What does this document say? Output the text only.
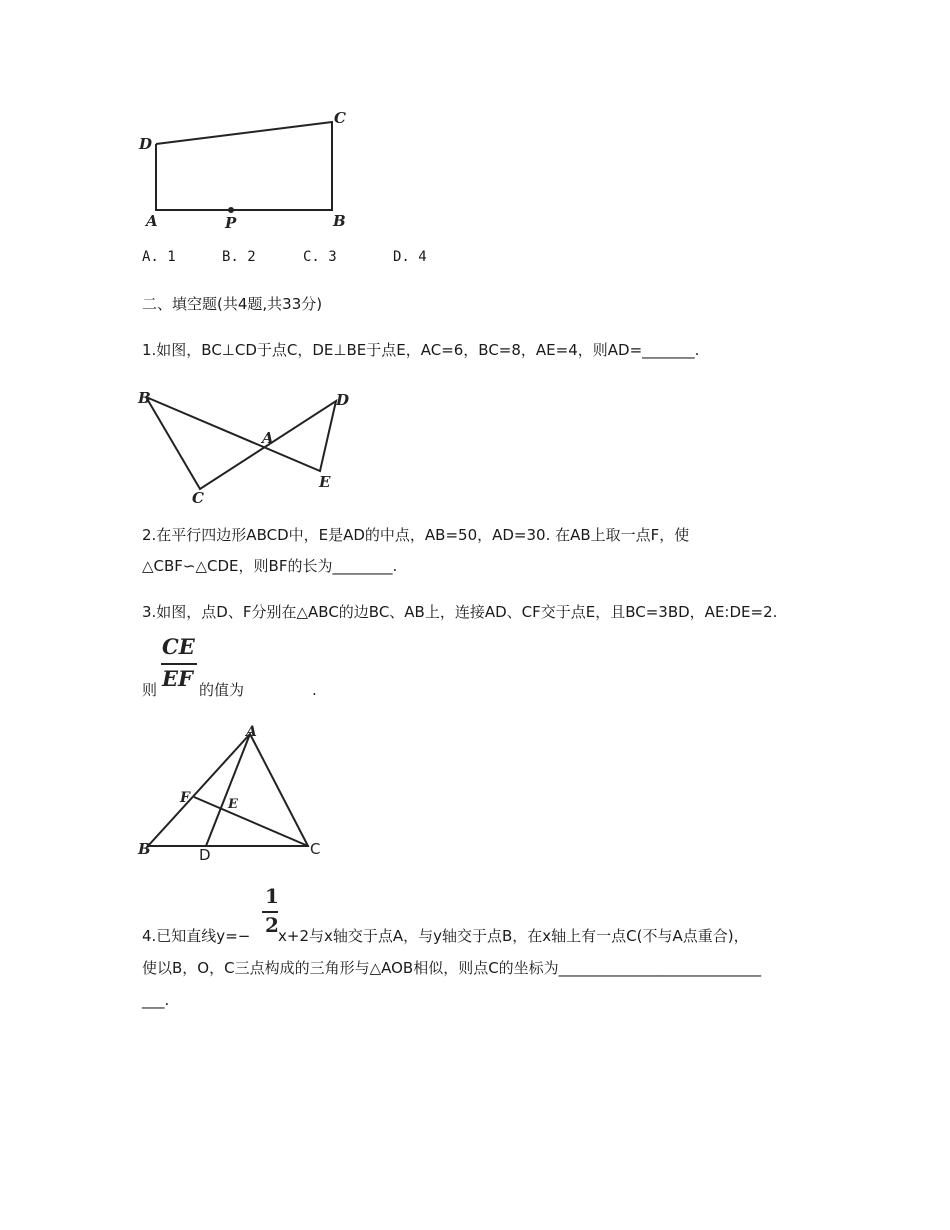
D
C
A	P	B
A. 1	B. 2	C. 3	D. 4
二、填空题(共4题,共33分)
1.如图，BC⊥CD于点C，DE⊥BE于点E，AC=6，BC=8，AE=4，则AD=_______.
B	D
A
C
E
2.在平行四边形ABCD中，E是AD的中点，AB=50，AD=30. 在AB上取一点F，使
△CBF∽△CDE，则BF的长为________.
3.如图，点D、F分别在△ABC的边BC、AB上，连接AD、CF交于点E，且BC=3BD，AE:DE=2.
则
CE
EF 的值为	.
A
F	E
B	D	C
1
2
4.已知直线y=− x+2与x轴交于点A，与y轴交于点B，在x轴上有一点C(不与A点重合)，
使以B，O，C三点构成的三角形与△AOB相似，则点C的坐标为___________________________
___.
